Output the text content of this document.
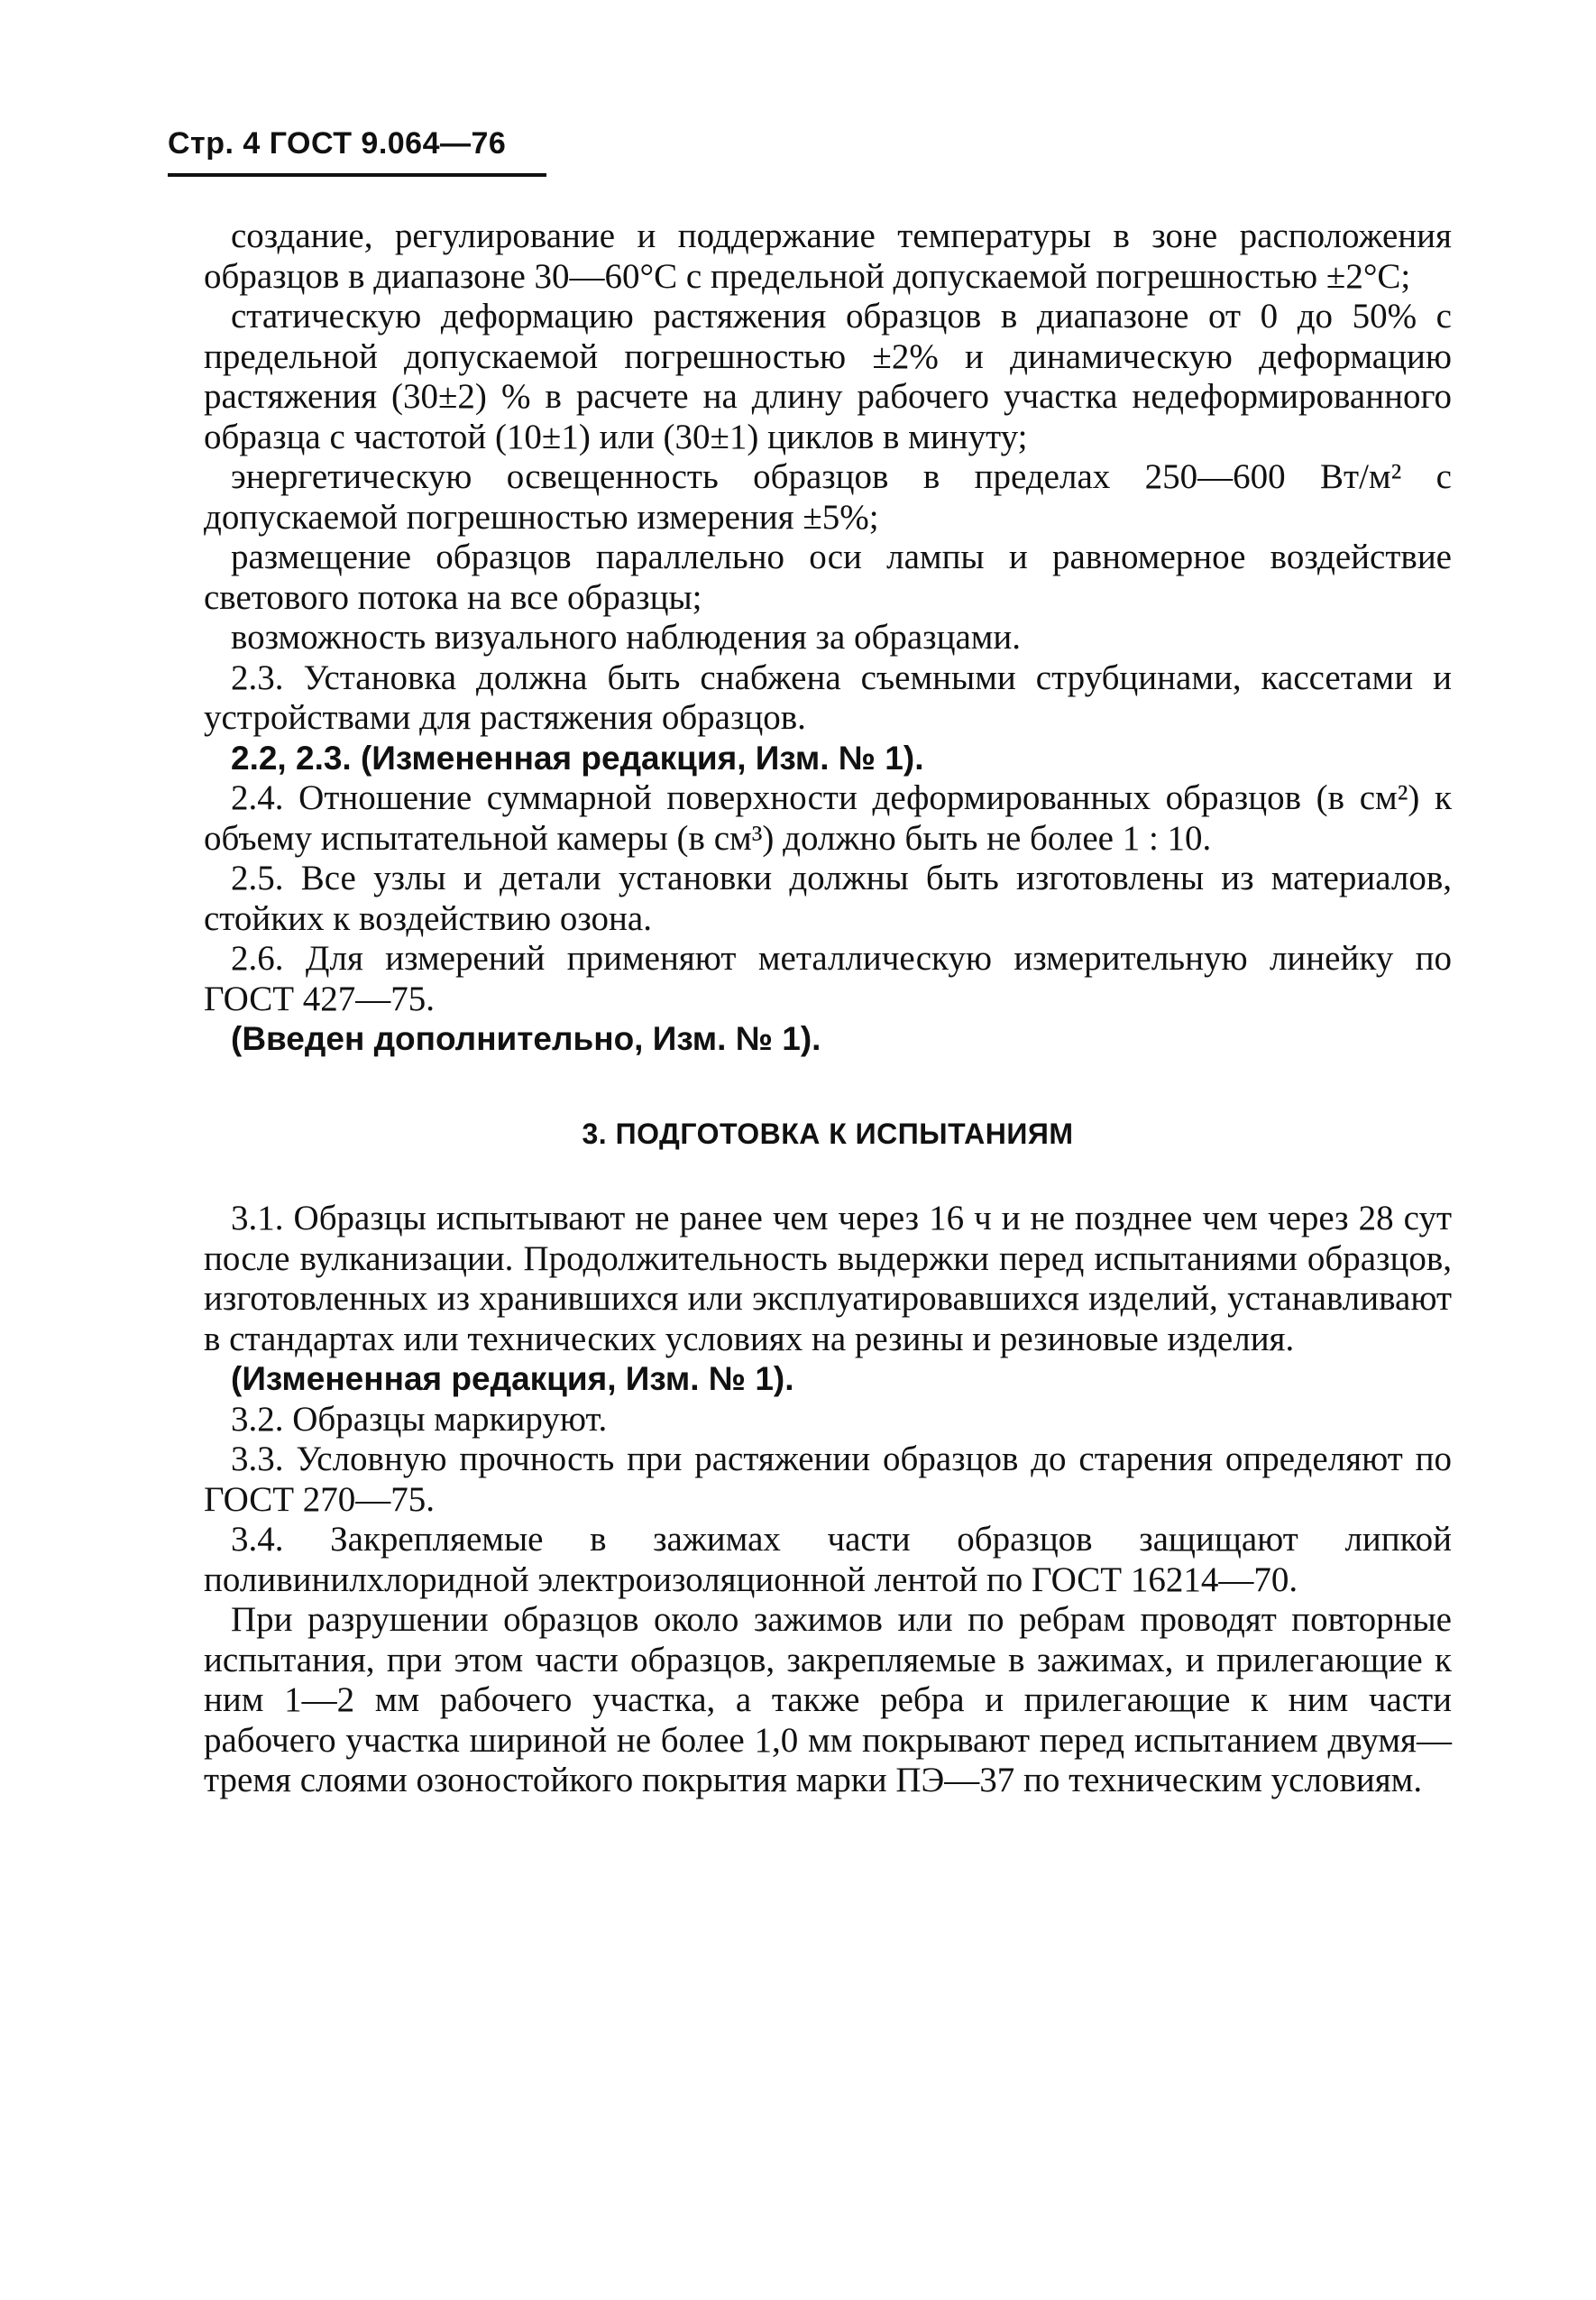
Стр. 4 ГОСТ 9.064—76

создание, регулирование и поддержание температуры в зоне расположения образцов в диапазоне 30—60°С с предельной допускаемой погрешностью ±2°С;

статическую деформацию растяжения образцов в диапазоне от 0 до 50% с предельной допускаемой погрешностью ±2% и динамическую деформацию растяжения (30±2) % в расчете на длину рабочего участка недеформированного образца с частотой (10±1) или (30±1) циклов в минуту;

энергетическую освещенность образцов в пределах 250—600 Вт/м² с допускаемой погрешностью измерения ±5%;

размещение образцов параллельно оси лампы и равномерное воздействие светового потока на все образцы;

возможность визуального наблюдения за образцами.

2.3. Установка должна быть снабжена съемными струбцинами, кассетами и устройствами для растяжения образцов.

2.2, 2.3. (Измененная редакция, Изм. № 1).

2.4. Отношение суммарной поверхности деформированных образцов (в см²) к объему испытательной камеры (в см³) должно быть не более 1 : 10.

2.5. Все узлы и детали установки должны быть изготовлены из материалов, стойких к воздействию озона.

2.6. Для измерений применяют металлическую измерительную линейку по ГОСТ 427—75.

(Введен дополнительно, Изм. № 1).

3. ПОДГОТОВКА К ИСПЫТАНИЯМ

3.1. Образцы испытывают не ранее чем через 16 ч и не позднее чем через 28 сут после вулканизации. Продолжительность выдержки перед испытаниями образцов, изготовленных из хранившихся или эксплуатировавшихся изделий, устанавливают в стандартах или технических условиях на резины и резиновые изделия.

(Измененная редакция, Изм. № 1).

3.2. Образцы маркируют.

3.3. Условную прочность при растяжении образцов до старения определяют по ГОСТ 270—75.

3.4. Закрепляемые в зажимах части образцов защищают липкой поливинилхлоридной электроизоляционной лентой по ГОСТ 16214—70.

При разрушении образцов около зажимов или по ребрам проводят повторные испытания, при этом части образцов, закрепляемые в зажимах, и прилегающие к ним 1—2 мм рабочего участка, а также ребра и прилегающие к ним части рабочего участка шириной не более 1,0 мм покрывают перед испытанием двумя—тремя слоями озоностойкого покрытия марки ПЭ—37 по техническим условиям.
